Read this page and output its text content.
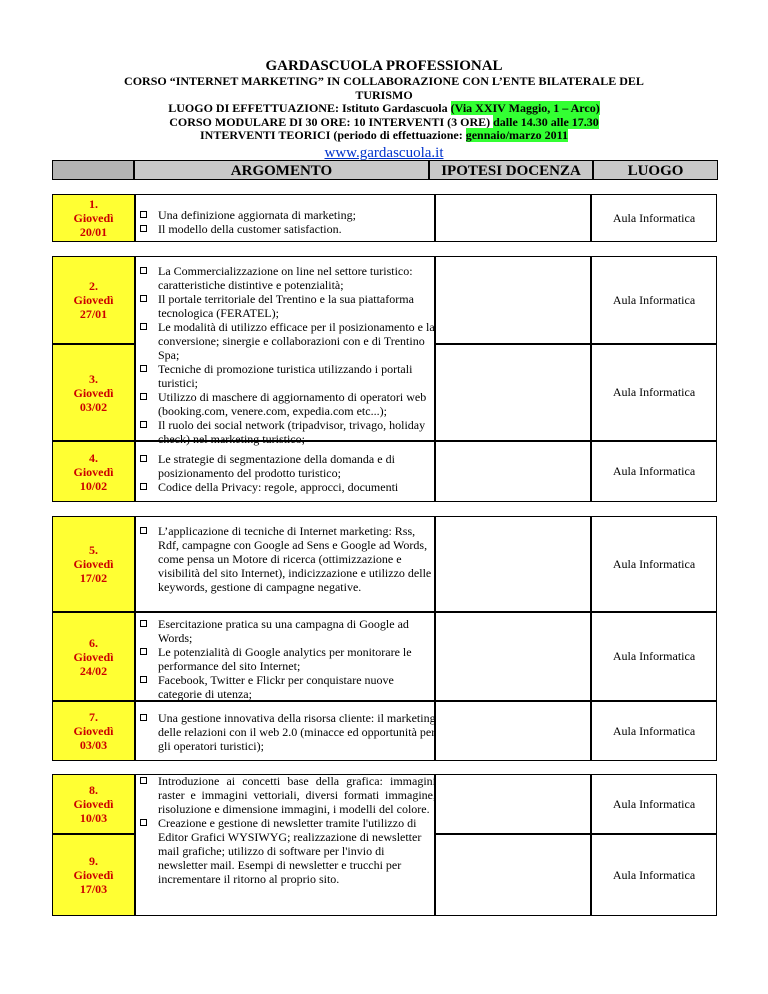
GARDASCUOLA PROFESSIONAL
CORSO “INTERNET MARKETING” IN COLLABORAZIONE CON L’ENTE BILATERALE DEL
TURISMO
LUOGO DI EFFETTUAZIONE: Istituto Gardascuola (Via XXIV Maggio, 1 – Arco)
CORSO MODULARE DI 30 ORE: 10 INTERVENTI (3 ORE) dalle 14.30 alle 17.30
INTERVENTI TEORICI (periodo di effettuazione: gennaio/marzo 2011
www.gardascuola.it
ARGOMENTO	IPOTESI DOCENZA	LUOGO
1.
Giovedì
20/01
2.
Giovedì
27/01
3.
Giovedì
03/02
4.
Giovedì
10/02
5.
Giovedì
17/02
6.
Giovedì
24/02
7.
Giovedì
03/03
8.
Giovedì
10/03
9.
Giovedì
17/03
Aula Informatica
Aula Informatica
Aula Informatica
Aula Informatica
Aula Informatica
Aula Informatica
Aula Informatica
Aula Informatica
Aula Informatica
Una definizione aggiornata di marketing;
Il modello della customer satisfaction.
La Commercializzazione on line nel settore turistico: caratteristiche distintive e potenzialità;
Il portale territoriale del Trentino e la sua piattaforma tecnologica (FERATEL);
Le modalità di utilizzo efficace per il posizionamento e la conversione; sinergie e collaborazioni con e di Trentino Spa;
Tecniche di promozione turistica utilizzando i portali turistici;
Utilizzo di maschere di aggiornamento di operatori web (booking.com, venere.com, expedia.com etc...);
Il ruolo dei social network (tripadvisor, trivago, holiday check) nel marketing turistico;
Le strategie di segmentazione della domanda e di posizionamento del prodotto turistico;
Codice della Privacy: regole, approcci, documenti
L’applicazione di tecniche di Internet marketing: Rss, Rdf, campagne con Google ad Sens e Google ad Words, come pensa un Motore di ricerca (ottimizzazione e visibilità del sito Internet), indicizzazione e utilizzo delle keywords, gestione di campagne negative.
Esercitazione pratica su una campagna di Google ad Words;
Le potenzialità di Google analytics per monitorare le performance del sito Internet;
Facebook, Twitter e Flickr per conquistare nuove categorie di utenza;
Una gestione innovativa della risorsa cliente: il marketing delle relazioni con il web 2.0 (minacce ed opportunità per gli operatori turistici);
Introduzione ai concetti base della grafica: immagini raster e immagini vettoriali, diversi formati immagine, risoluzione e dimensione immagini, i modelli del colore.
Creazione e gestione di newsletter tramite l'utilizzo di Editor Grafici WYSIWYG; realizzazione di newsletter mail grafiche; utilizzo di software per l'invio di newsletter mail. Esempi di newsletter e trucchi per incrementare il ritorno al proprio sito.
